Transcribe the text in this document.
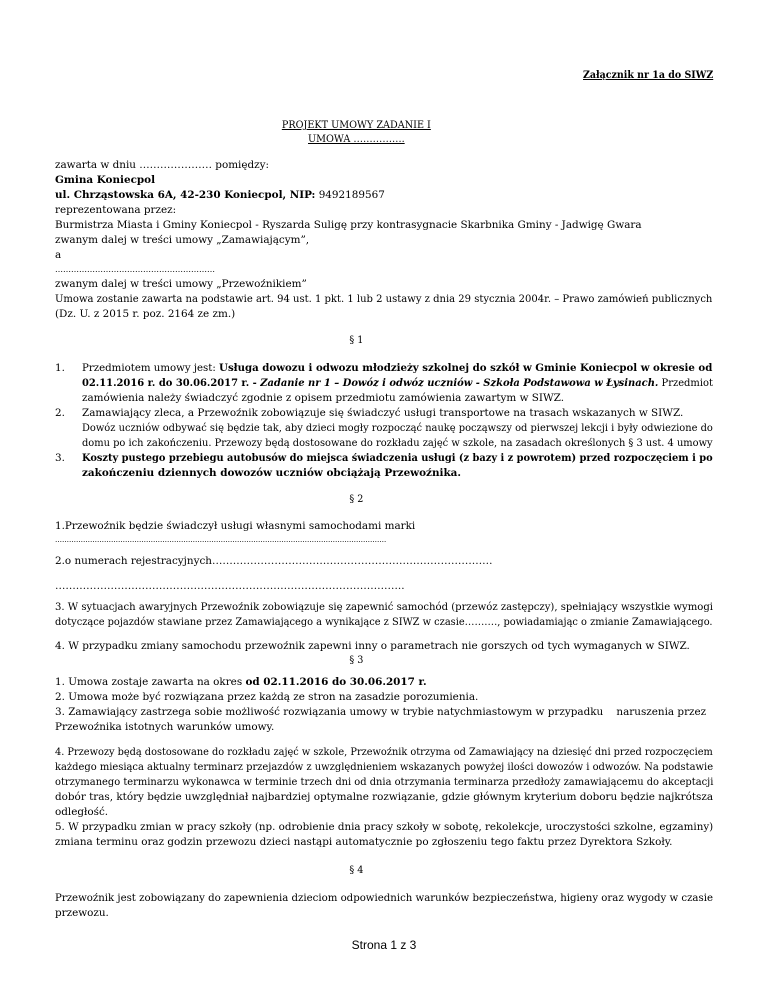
Załącznik nr 1a do SIWZ
PROJEKT UMOWY ZADANIE I
UMOWA …………….
zawarta w dniu ………………… pomiędzy:
Gmina Koniecpol
ul. Chrząstowska 6A, 42-230 Koniecpol, NIP: 9492189567
reprezentowana przez:
Burmistrza Miasta i Gminy Koniecpol - Ryszarda Suligę przy kontrasygnacie Skarbnika Gminy - Jadwigę Gwara
zwanym dalej w treści umowy „Zamawiającym”,
a
……………………………………………………
zwanym dalej w treści umowy „Przewoźnikiem”
Umowa zostanie zawarta na podstawie art. 94 ust. 1 pkt. 1 lub 2 ustawy z dnia 29 stycznia 2004r. – Prawo zamówień publicznych
(Dz. U. z 2015 r. poz. 2164 ze zm.)
§ 1
1. Przedmiotem umowy jest: Usługa dowozu i odwozu młodzieży szkolnej do szkół w Gminie Koniecpol w okresie od
02.11.2016 r. do 30.06.2017 r. - Zadanie nr 1 – Dowóz i odwóz uczniów - Szkoła Podstawowa w Łysinach. Przedmiot
zamówienia należy świadczyć zgodnie z opisem przedmiotu zamówienia zawartym w SIWZ.
2. Zamawiający zleca, a Przewoźnik zobowiązuje się świadczyć usługi transportowe na trasach wskazanych w SIWZ.
Dowóz uczniów odbywać się będzie tak, aby dzieci mogły rozpocząć naukę począwszy od pierwszej lekcji i były odwiezione do
domu po ich zakończeniu. Przewozy będą dostosowane do rozkładu zajęć w szkole, na zasadach określonych § 3 ust. 4 umowy
3. Koszty pustego przebiegu autobusów do miejsca świadczenia usługi (z bazy i z powrotem) przed rozpoczęciem i po
zakończeniu dziennych dowozów uczniów obciążają Przewoźnika.
§ 2
1.Przewoźnik będzie świadczył usługi własnymi samochodami marki
…………………………………………………………………………………………………………………………….
2.o numerach rejestracyjnych………………………………………………………………………
………………………………………………………………………………………..
3. W sytuacjach awaryjnych Przewoźnik zobowiązuje się zapewnić samochód (przewóz zastępczy), spełniający wszystkie wymogi
dotyczące pojazdów stawiane przez Zamawiającego a wynikające z SIWZ w czasie………., powiadamiając o zmianie Zamawiającego.
4. W przypadku zmiany samochodu przewoźnik zapewni inny o parametrach nie gorszych od tych wymaganych w SIWZ.
§ 3
1. Umowa zostaje zawarta na okres od 02.11.2016 do 30.06.2017 r.
2. Umowa może być rozwiązana przez każdą ze stron na zasadzie porozumienia.
3. Zamawiający zastrzega sobie możliwość rozwiązania umowy w trybie natychmiastowym w przypadku    naruszenia przez
Przewoźnika istotnych warunków umowy.
4. Przewozy będą dostosowane do rozkładu zajęć w szkole, Przewoźnik otrzyma od Zamawiający na dziesięć dni przed rozpoczęciem
każdego miesiąca aktualny terminarz przejazdów z uwzględnieniem wskazanych powyżej ilości dowozów i odwozów. Na podstawie
otrzymanego terminarzu wykonawca w terminie trzech dni od dnia otrzymania terminarza przedłoży zamawiającemu do akceptacji
dobór tras, który będzie uwzględniał najbardziej optymalne rozwiązanie, gdzie głównym kryterium doboru będzie najkrótsza
odległość.
5. W przypadku zmian w pracy szkoły (np. odrobienie dnia pracy szkoły w sobotę, rekolekcje, uroczystości szkolne, egzaminy)
zmiana terminu oraz godzin przewozu dzieci nastąpi automatycznie po zgłoszeniu tego faktu przez Dyrektora Szkoły.
§ 4
Przewoźnik jest zobowiązany do zapewnienia dzieciom odpowiednich warunków bezpieczeństwa, higieny oraz wygody w czasie
przewozu.
Strona 1 z 3
